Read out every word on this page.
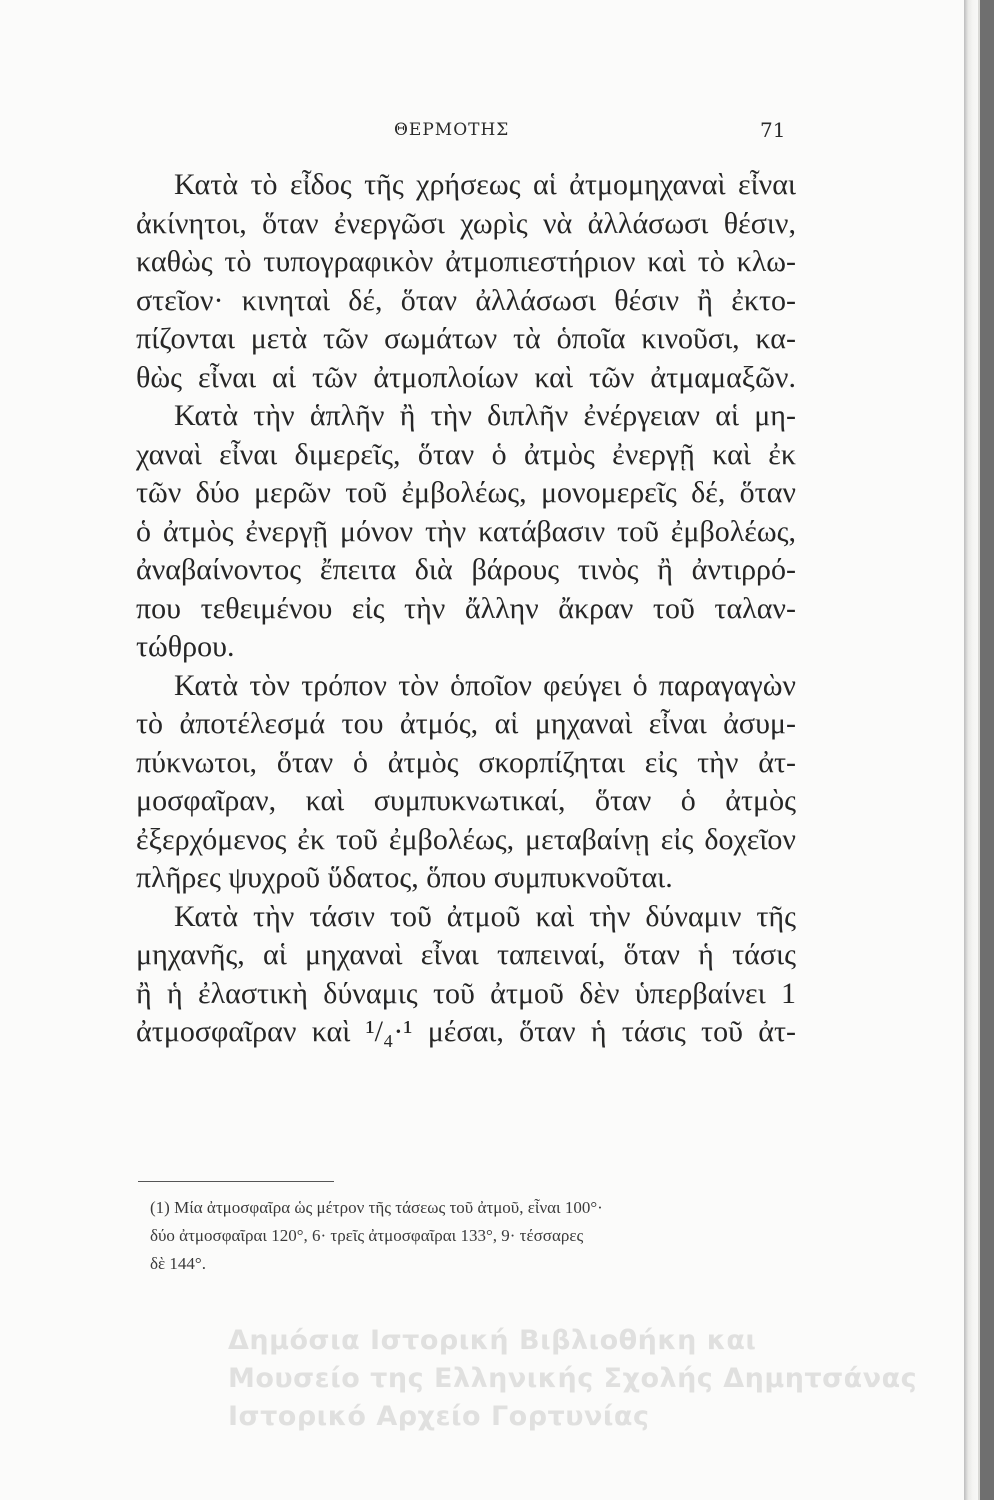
ΘΕΡΜΟΤΗΣ	71
Κατὰ τὸ εἶδος τῆς χρήσεως αἱ ἀτμομηχαναὶ εἶναι
ἀκίνητοι, ὅταν ἐνεργῶσι χωρὶς νὰ ἀλλάσωσι θέσιν,
καθὼς τὸ τυπογραφικὸν ἀτμοπιεστήριον καὶ τὸ κλω-
στεῖον· κινηταὶ δέ, ὅταν ἀλλάσωσι θέσιν ἢ ἐκτο-
πίζονται μετὰ τῶν σωμάτων τὰ ὁποῖα κινοῦσι, κα-
θὼς εἶναι αἱ τῶν ἀτμοπλοίων καὶ τῶν ἀτμαμαξῶν.
Κατὰ τὴν ἁπλῆν ἢ τὴν διπλῆν ἐνέργειαν αἱ μη-
χαναὶ εἶναι διμερεῖς, ὅταν ὁ ἀτμὸς ἐνεργῇ καὶ ἐκ
τῶν δύο μερῶν τοῦ ἐμβολέως, μονομερεῖς δέ, ὅταν
ὁ ἀτμὸς ἐνεργῇ μόνον τὴν κατάβασιν τοῦ ἐμβολέως,
ἀναβαίνοντος ἔπειτα διὰ βάρους τινὸς ἢ ἀντιρρό-
που τεθειμένου εἰς τὴν ἄλλην ἄκραν τοῦ ταλαν-
τώθρου.
Κατὰ τὸν τρόπον τὸν ὁποῖον φεύγει ὁ παραγαγὼν
τὸ ἀποτέλεσμά του ἀτμός, αἱ μηχαναὶ εἶναι ἀσυμ-
πύκνωτοι, ὅταν ὁ ἀτμὸς σκορπίζηται εἰς τὴν ἀτ-
μοσφαῖραν, καὶ συμπυκνωτικαί, ὅταν ὁ ἀτμὸς
ἐξερχόμενος ἐκ τοῦ ἐμβολέως, μεταβαίνῃ εἰς δοχεῖον
πλῆρες ψυχροῦ ὕδατος, ὅπου συμπυκνοῦται.
Κατὰ τὴν τάσιν τοῦ ἀτμοῦ καὶ τὴν δύναμιν τῆς
μηχανῆς, αἱ μηχαναὶ εἶναι ταπειναί, ὅταν ἡ τάσις
ἢ ἡ ἐλαστικὴ δύναμις τοῦ ἀτμοῦ δὲν ὑπερβαίνει 1
ἀτμοσφαῖραν καὶ ¹/₄·¹ μέσαι, ὅταν ἡ τάσις τοῦ ἀτ-
(1) Μία ἀτμοσφαῖρα ὡς μέτρον τῆς τάσεως τοῦ ἀτμοῦ, εἶναι 100°·
δύο ἀτμοσφαῖραι 120°, 6· τρεῖς ἀτμοσφαῖραι 133°, 9· τέσσαρες
δὲ 144°.
Δημόσια Ιστορική Βιβλιοθήκη και
Μουσείο της Ελληνικής Σχολής Δημητσάνας
Ιστορικό Αρχείο Γορτυνίας
